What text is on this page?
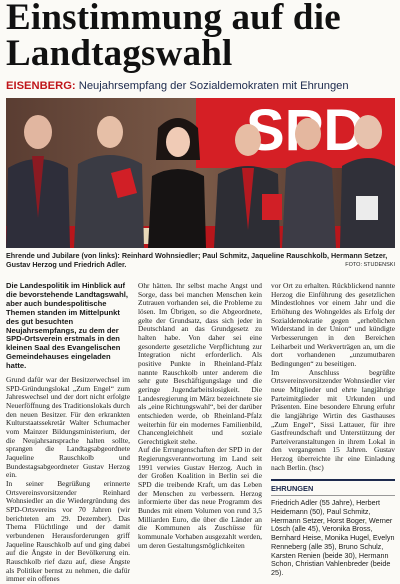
Einstimmung auf die Landtagswahl
EISENBERG: Neujahrsempfang der Sozialdemokraten mit Ehrungen
Ehrende und Jubilare (von links): Reinhard Wohnsiedler; Paul Schmitz, Jaqueline Rauschkolb, Hermann Setzer, Gustav Herzog und Friedrich Adler.	FOTO: STUDENSKI
Die Landespolitik im Hinblick auf die bevorstehende Landtagswahl, aber auch bundespolitische Themen standen im Mittelpunkt des gut besuchten Neujahrsempfangs, zu dem der SPD-Ortsverein erstmals in den kleinen Saal des Evangelischen Gemeindehauses eingeladen hatte.
Grund dafür war der Besitzerwechsel im SPD-Gründungslokal „Zum Engel“ zum Jahreswechsel und der dort nicht erfolgte Neuerföffnung des Traditionslokals durch den neuen Besitzer. Für den erkrankten Kulturstaatssekretär Walter Schumacher vom Mainzer Bildungsministerium, der die Neujahrsansprache halten sollte, sprangen die Landtagsabgeordnete Jaqueline Rauschkolb und Bundestagsabgeordneter Gustav Herzog ein.
In seiner Begrüßung erinnerte Ortsvereinsvorsitzender Reinhard Wohnsiedler an die Wiedergründung des SPD-Ortsvereins vor 70 Jahren (wir berichteten am 29. Dezember). Das Thema Flüchtlinge und der damit verbundenen Herausforderungen griff Jaqueline Rauschkolb auf und ging dabei auf die Ängste in der Bevölkerung ein. Rauschkolb rief dazu auf, diese Ängste als Politiker bernst zu nehmen, die dafür immer ein offenes
Ohr hätten. Ihr selbst mache Angst und Sorge, dass bei manchen Menschen kein Zutrauen vorhanden sei, die Probleme zu lösen. Im Übrigen, so die Abgeordnete, gelte der Grundsatz, dass sich jeder in Deutschland an das Grundgesetz zu halten habe. Von daher sei eine gesonderte gesetzliche Verpflichtung zur Integration nicht erforderlich. Als positive Punkte in Rheinland-Pfalz nannte Rauschkolb unter anderem die sehr gute Beschäftigungslage und die geringe Jugendarbeitslosigkeit. Die Landesregierung im März bezeichnete sie als „eine Richtungswahl“, bei der darüber entschieden werde, ob Rheinland-Pfalz weiterhin für ein modernes Familienbild, Chancengleichheit und soziale Gerechtigkeit stehe.
Auf die Errungenschaften der SPD in der Regierungsverantwortung im Land seit 1991 verwies Gustav Herzog. Auch in der Großen Koalition in Berlin sei die SPD die treibende Kraft, um das Leben der Menschen zu verbessern. Herzog informierte über das neue Programm des Bundes mit einem Volumen von rund 3,5 Milliarden Euro, die über die Länder an die Kommunen als Zuschüsse für kommunale Vorhaben ausgezahlt werden, um deren Gestaltungsmöglichkeiten
vor Ort zu erhalten. Rückblickend nannte Herzog die Einführung des gesetzlichen Mindestlohnes vor einem Jahr und die Erhöhung des Wohngeldes als Erfolg der Sozialdemokratie gegen „erheblichen Widerstand in der Union“ und kündigte Verbesserungen in den Bereichen Leiharbeit und Werkverträgen an, um die dort vorhandenen „unzumutbaren Bedingungen“ zu beseitigen.
Im Anschluss begrüßte Ortsvereinsvorsitzender Wohnsiedler vier neue Mitglieder und ehrte langjährige Parteimitglieder mit Urkunden und Präsenten. Eine besondere Ehrung erfuhr die langjährige Wirtin des Gasthauses „Zum Engel“, Sissi Lattauer, für ihre Gastfreundschaft und Unterstützung der Parteiveranstaltungen in ihrem Lokal in den vergangenen 15 Jahren. Gustav Herzog überreichte ihr eine Einladung nach Berlin. (hsc)
EHRUNGEN
Friedrich Adler (55 Jahre), Herbert Heidemann (50), Paul Schmitz, Hermann Setzer, Horst Boger, Werner Lösch (alle 45), Veronika Bross, Bernhard Heise, Monika Hugel, Evelyn Renneberg (alle 35), Bruno Schulz, Karsten Renien (beide 30), Hermann Schon, Christian Vahlenbreder (beide 25).
